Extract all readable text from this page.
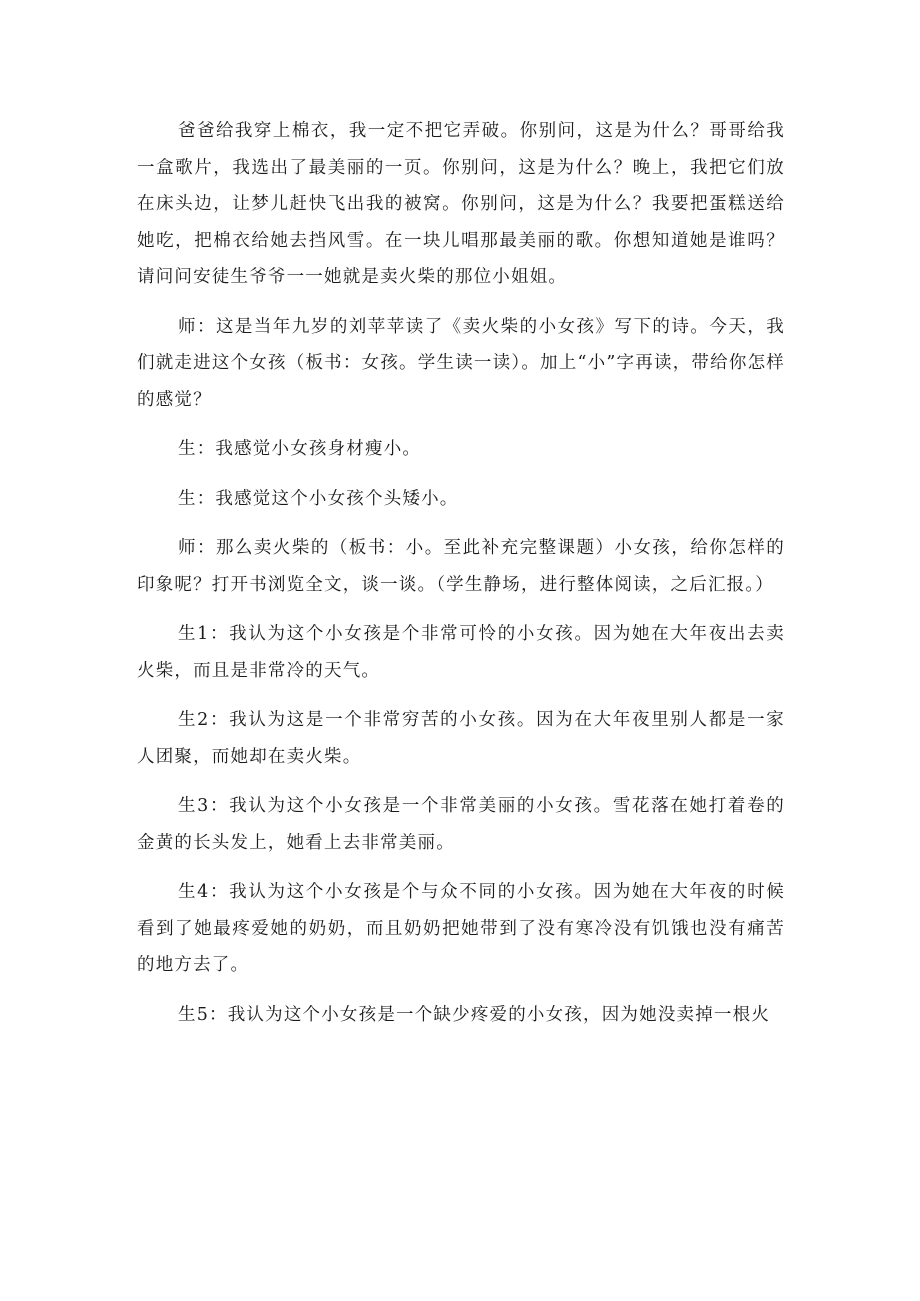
爸爸给我穿上棉衣，我一定不把它弄破。你别问，这是为什么？哥哥给我一盒歌片，我选出了最美丽的一页。你别问，这是为什么？晚上，我把它们放在床头边，让梦儿赶快飞出我的被窝。你别问，这是为什么？我要把蛋糕送给她吃，把棉衣给她去挡风雪。在一块儿唱那最美丽的歌。你想知道她是谁吗？请问问安徒生爷爷一一她就是卖火柴的那位小姐姐。

师：这是当年九岁的刘苹苹读了《卖火柴的小女孩》写下的诗。今天，我们就走进这个女孩（板书：女孩。学生读一读）。加上“小”字再读，带给你怎样的感觉？

生：我感觉小女孩身材瘦小。

生：我感觉这个小女孩个头矮小。

师：那么卖火柴的（板书：小。至此补充完整课题）小女孩，给你怎样的印象呢？打开书浏览全文，谈一谈。（学生静场，进行整体阅读，之后汇报。）

生1：我认为这个小女孩是个非常可怜的小女孩。因为她在大年夜出去卖火柴，而且是非常冷的天气。

生2：我认为这是一个非常穷苦的小女孩。因为在大年夜里别人都是一家人团聚，而她却在卖火柴。

生3：我认为这个小女孩是一个非常美丽的小女孩。雪花落在她打着卷的金黄的长头发上，她看上去非常美丽。

生4：我认为这个小女孩是个与众不同的小女孩。因为她在大年夜的时候看到了她最疼爱她的奶奶，而且奶奶把她带到了没有寒冷没有饥饿也没有痛苦的地方去了。

生5：我认为这个小女孩是一个缺少疼爱的小女孩，因为她没卖掉一根火
